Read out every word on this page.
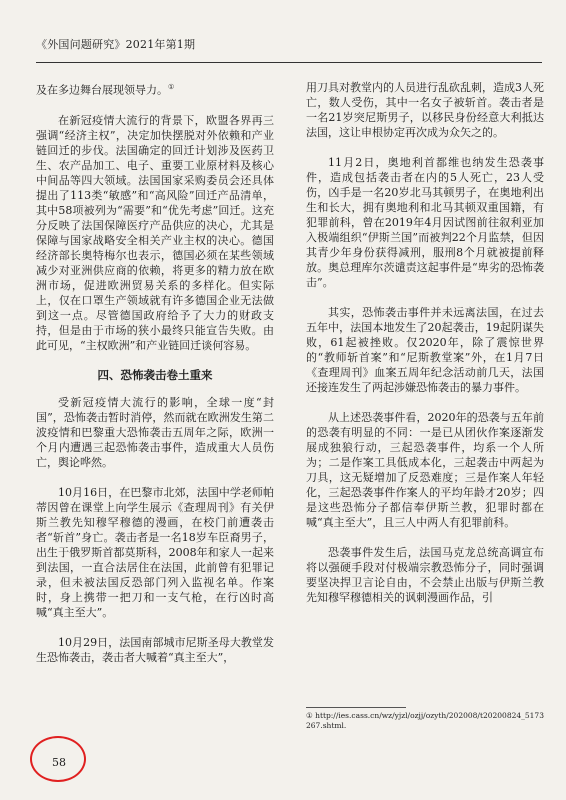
《外国问题研究》2021年第1期

及在多边舞台展现领导力。①

在新冠疫情大流行的背景下，欧盟各界再三强调“经济主权”，决定加快摆脱对外依赖和产业链回迁的步伐。法国确定的回迁计划涉及医药卫生、农产品加工、电子、重要工业原材料及核心中间品等四大领域。法国国家采购委员会还具体提出了113类“敏感”和“高风险”回迁产品清单，其中58项被列为“需要”和“优先考虑”回迁。这充分反映了法国保障医疗产品供应的决心，尤其是保障与国家战略安全相关产业主权的决心。德国经济部长奥特梅尔也表示，德国必须在某些领域减少对亚洲供应商的依赖，将更多的精力放在欧洲市场，促进欧洲贸易关系的多样化。但实际上，仅在口罩生产领域就有许多德国企业无法做到这一点。尽管德国政府给予了大力的财政支持，但是由于市场的狭小最终只能宣告失败。由此可见，“主权欧洲”和产业链回迁谈何容易。

四、恐怖袭击卷土重来

受新冠疫情大流行的影响，全球一度“封国”，恐怖袭击暂时消停，然而就在欧洲发生第二波疫情和巴黎重大恐怖袭击五周年之际，欧洲一个月内遭遇三起恐怖袭击事件，造成重大人员伤亡，舆论哗然。

10月16日，在巴黎市北郊，法国中学老师帕蒂因曾在课堂上向学生展示《查理周刊》有关伊斯兰教先知穆罕穆德的漫画，在校门前遭袭击者“斩首”身亡。袭击者是一名18岁车臣裔男子，出生于俄罗斯首都莫斯科，2008年和家人一起来到法国，一直合法居住在法国，此前曾有犯罪记录，但未被法国反恐部门列入监视名单。作案时，身上携带一把刀和一支气枪，在行凶时高喊“真主至大”。

10月29日，法国南部城市尼斯圣母大教堂发生恐怖袭击，袭击者大喊着“真主至大”，

用刀具对教堂内的人员进行乱砍乱刺，造成3人死亡，数人受伤，其中一名女子被斩首。袭击者是一名21岁突尼斯男子，以移民身份经意大利抵达法国，这让申根协定再次成为众矢之的。

11月2日，奥地利首都维也纳发生恐袭事件，造成包括袭击者在内的5人死亡，23人受伤，凶手是一名20岁北马其顿男子，在奥地利出生和长大，拥有奥地利和北马其顿双重国籍，有犯罪前科，曾在2019年4月因试图前往叙利亚加入极端组织“伊斯兰国”而被判22个月监禁，但因其青少年身份获得减刑，服刑8个月就被提前释放。奥总理库尔茨谴责这起事件是“卑劣的恐怖袭击”。

其实，恐怖袭击事件并未远离法国，在过去五年中，法国本地发生了20起袭击，19起阴谋失败，61起被挫败。仅2020年，除了震惊世界的“教师斩首案”和“尼斯教堂案”外，在1月7日《查理周刊》血案五周年纪念活动前几天，法国还接连发生了两起涉嫌恐怖袭击的暴力事件。

从上述恐袭事件看，2020年的恐袭与五年前的恐袭有明显的不同：一是已从团伙作案逐渐发展成独狼行动，三起恐袭事件，均系一个人所为；二是作案工具低成本化，三起袭击中两起为刀具，这无疑增加了反恐难度；三是作案人年轻化，三起恐袭事件作案人的平均年龄才20岁；四是这些恐怖分子都信奉伊斯兰教，犯罪时都在喊“真主至大”，且三人中两人有犯罪前科。

恐袭事件发生后，法国马克龙总统高调宣布将以强硬手段对付极端宗教恐怖分子，同时强调要坚决捍卫言论自由，不会禁止出版与伊斯兰教先知穆罕穆德相关的讽刺漫画作品，引

① http://ies.cass.cn/wz/yjzl/ozjj/ozyth/202008/t20200824_5173267.shtml.
58
